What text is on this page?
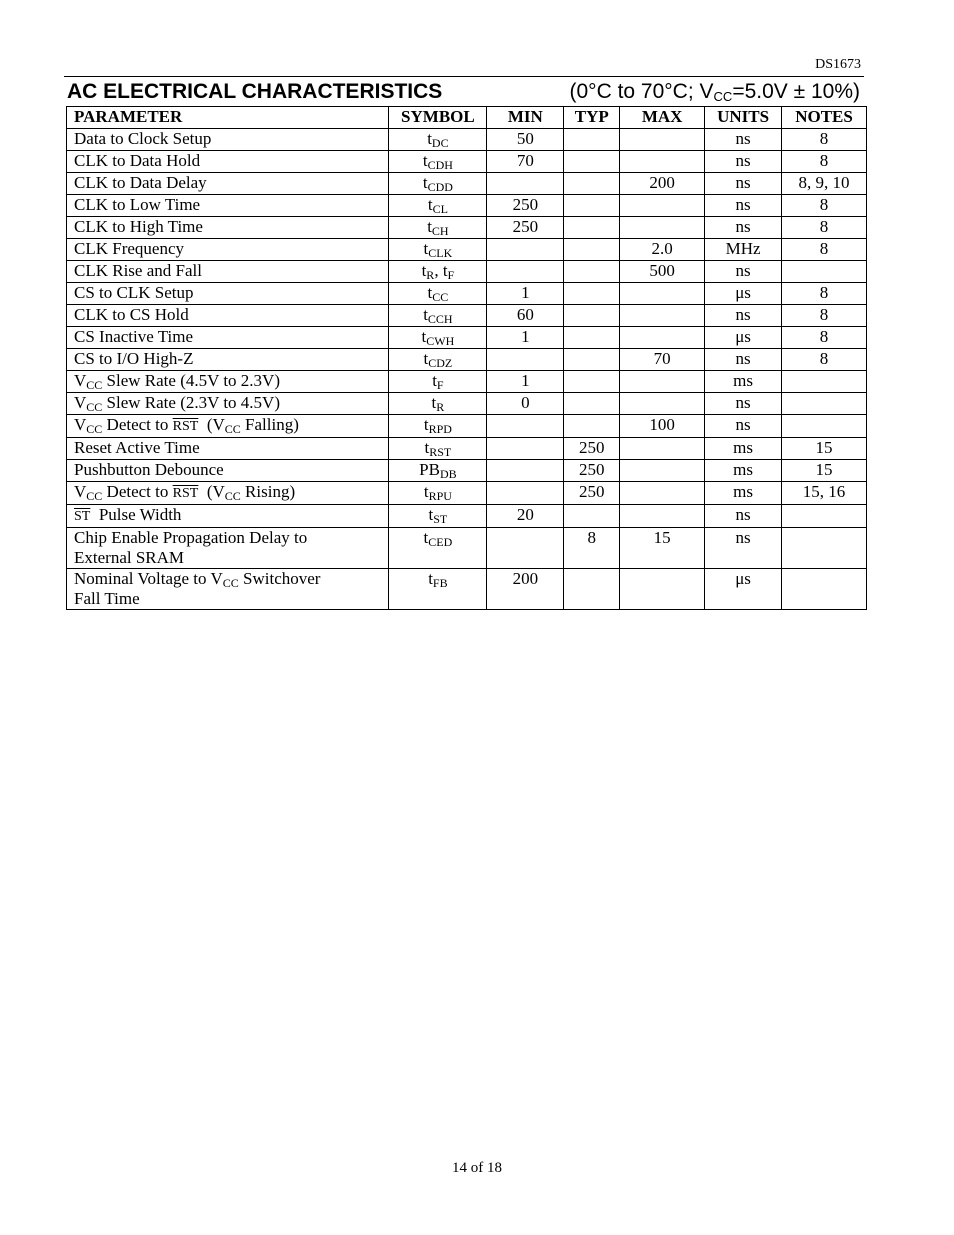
DS1673
AC ELECTRICAL CHARACTERISTICS	(0°C to 70°C; $V_{CC}=5.0V \pm 10\%$)
PARAMETER	SYMBOL	MIN	TYP	MAX	UNITS	NOTES
Data to Clock Setup	$t_{DC}$	50			ns	8
CLK to Data Hold	$t_{CDH}$	70			ns	8
CLK to Data Delay	$t_{CDD}$			200	ns	8, 9, 10
CLK to Low Time	$t_{CL}$	250			ns	8
CLK to High Time	$t_{CH}$	250			ns	8
CLK Frequency	$t_{CLK}$			2.0	MHz	8
CLK Rise and Fall	$t_R$, $t_F$			500	ns	
CS to CLK Setup	$t_{CC}$	1			μs	8
CLK to CS Hold	$t_{CCH}$	60			ns	8
CS Inactive Time	$t_{CWH}$	1			μs	8
CS to I/O High-Z	$t_{CDZ}$			70	ns	8
$V_{CC}$ Slew Rate (4.5V to 2.3V)	$t_F$	1			ms	
$V_{CC}$ Slew Rate (2.3V to 4.5V)	$t_R$	0			ns	
$V_{CC}$ Detect to $\overline{RST}$  ($V_{CC}$ Falling)	$t_{RPD}$			100	ns	
Reset Active Time	$t_{RST}$		250		ms	15
Pushbutton Debounce	$PB_{DB}$		250		ms	15
$V_{CC}$ Detect to $\overline{RST}$  ($V_{CC}$ Rising)	$t_{RPU}$		250		ms	15, 16
$\overline{ST}$  Pulse Width	$t_{ST}$	20			ns	
Chip Enable Propagation Delay to
External SRAM	$t_{CED}$		8	15	ns	
Nominal Voltage to $V_{CC}$ Switchover
Fall Time	$t_{FB}$	200			μs	
14 of 18
